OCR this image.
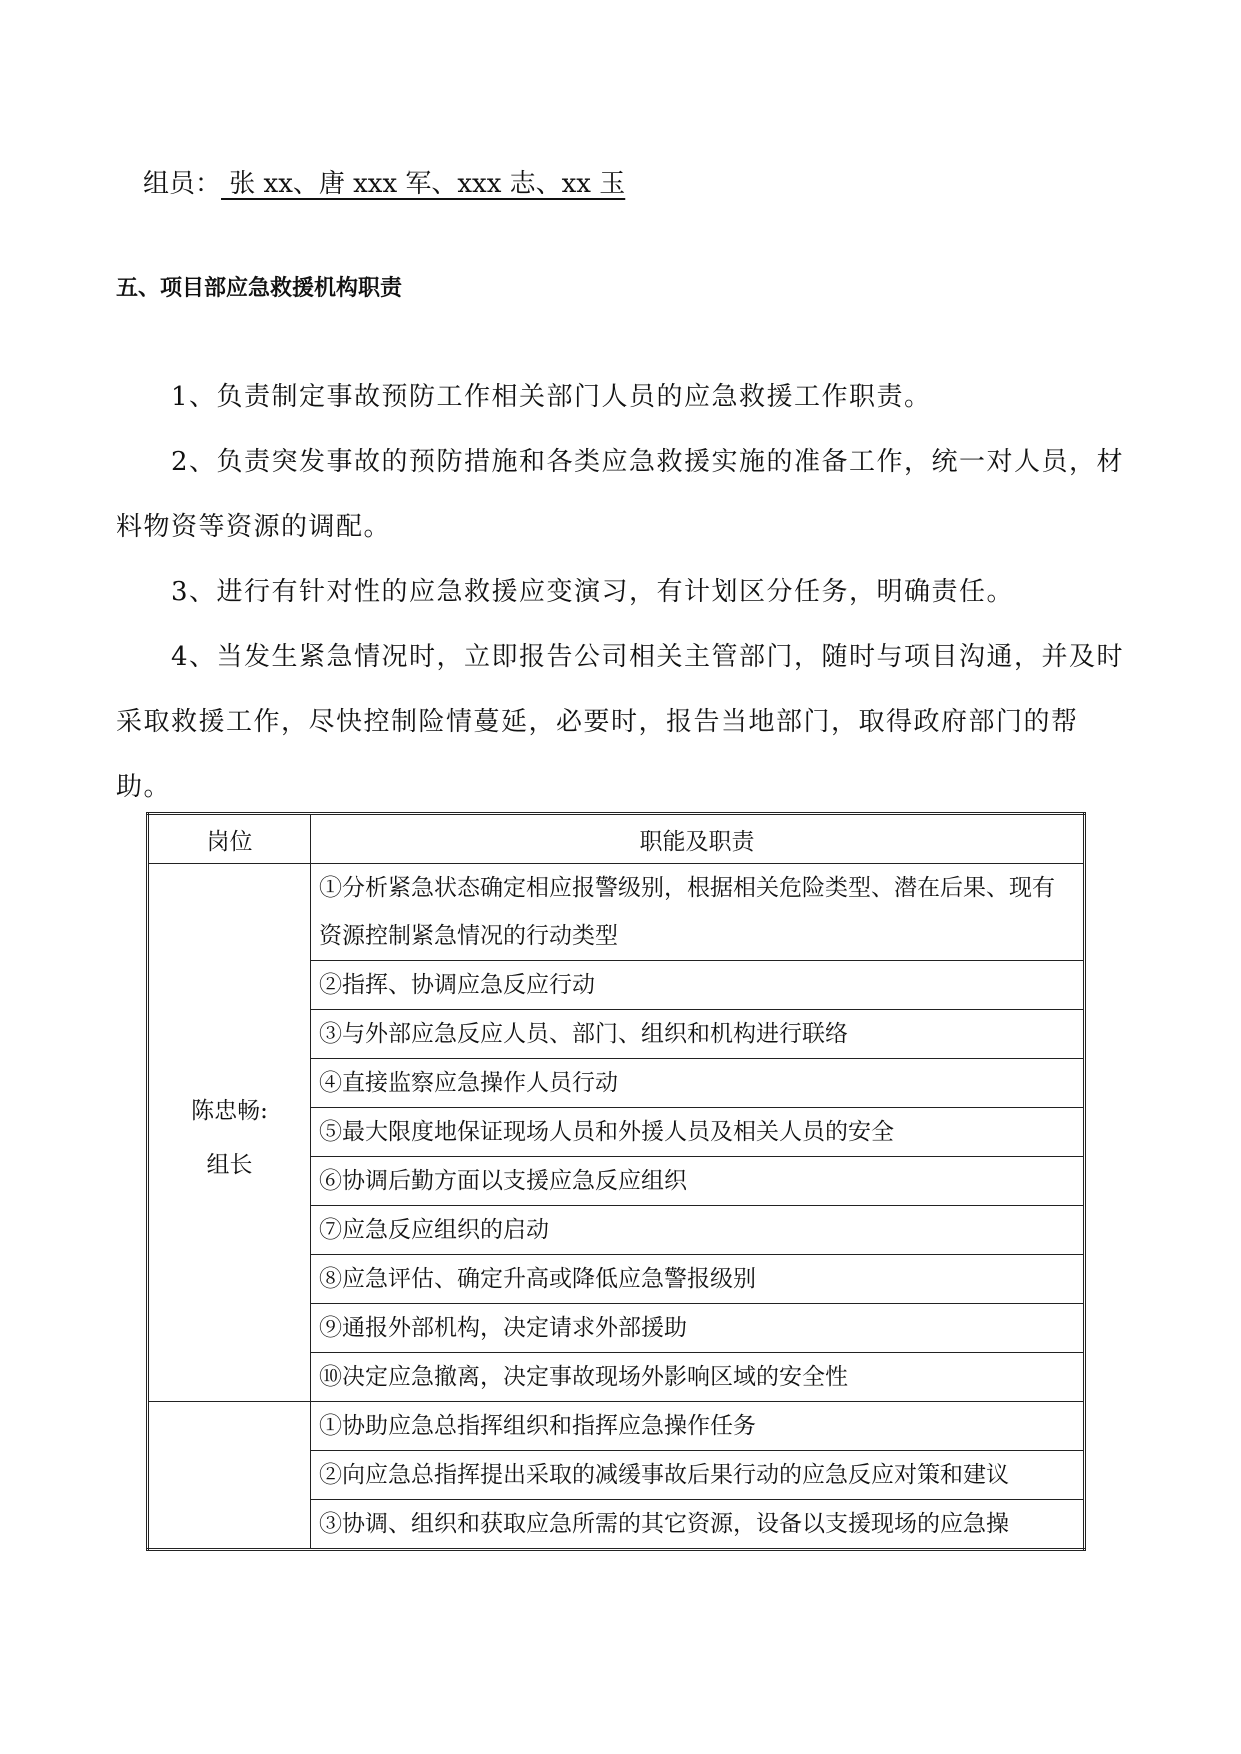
组员： 张 xx、唐 xxx 军、xxx 志、xx 玉
五、项目部应急救援机构职责
1、负责制定事故预防工作相关部门人员的应急救援工作职责。
2、负责突发事故的预防措施和各类应急救援实施的准备工作，统一对人员，材料物资等资源的调配。
3、进行有针对性的应急救援应变演习，有计划区分任务，明确责任。
4、当发生紧急情况时，立即报告公司相关主管部门，随时与项目沟通，并及时采取救援工作，尽快控制险情蔓延，必要时，报告当地部门，取得政府部门的帮助。
岗位	职能及职责

陈忠畅:
组长	①分析紧急状态确定相应报警级别，根据相关危险类型、潜在后果、现有资源控制紧急情况的行动类型
	②指挥、协调应急反应行动
	③与外部应急反应人员、部门、组织和机构进行联络
	④直接监察应急操作人员行动
	⑤最大限度地保证现场人员和外援人员及相关人员的安全
	⑥协调后勤方面以支援应急反应组织
	⑦应急反应组织的启动
	⑧应急评估、确定升高或降低应急警报级别
	⑨通报外部机构，决定请求外部援助
	⑩决定应急撤离，决定事故现场外影响区域的安全性
	①协助应急总指挥组织和指挥应急操作任务
	②向应急总指挥提出采取的减缓事故后果行动的应急反应对策和建议
	③协调、组织和获取应急所需的其它资源，设备以支援现场的应急操
